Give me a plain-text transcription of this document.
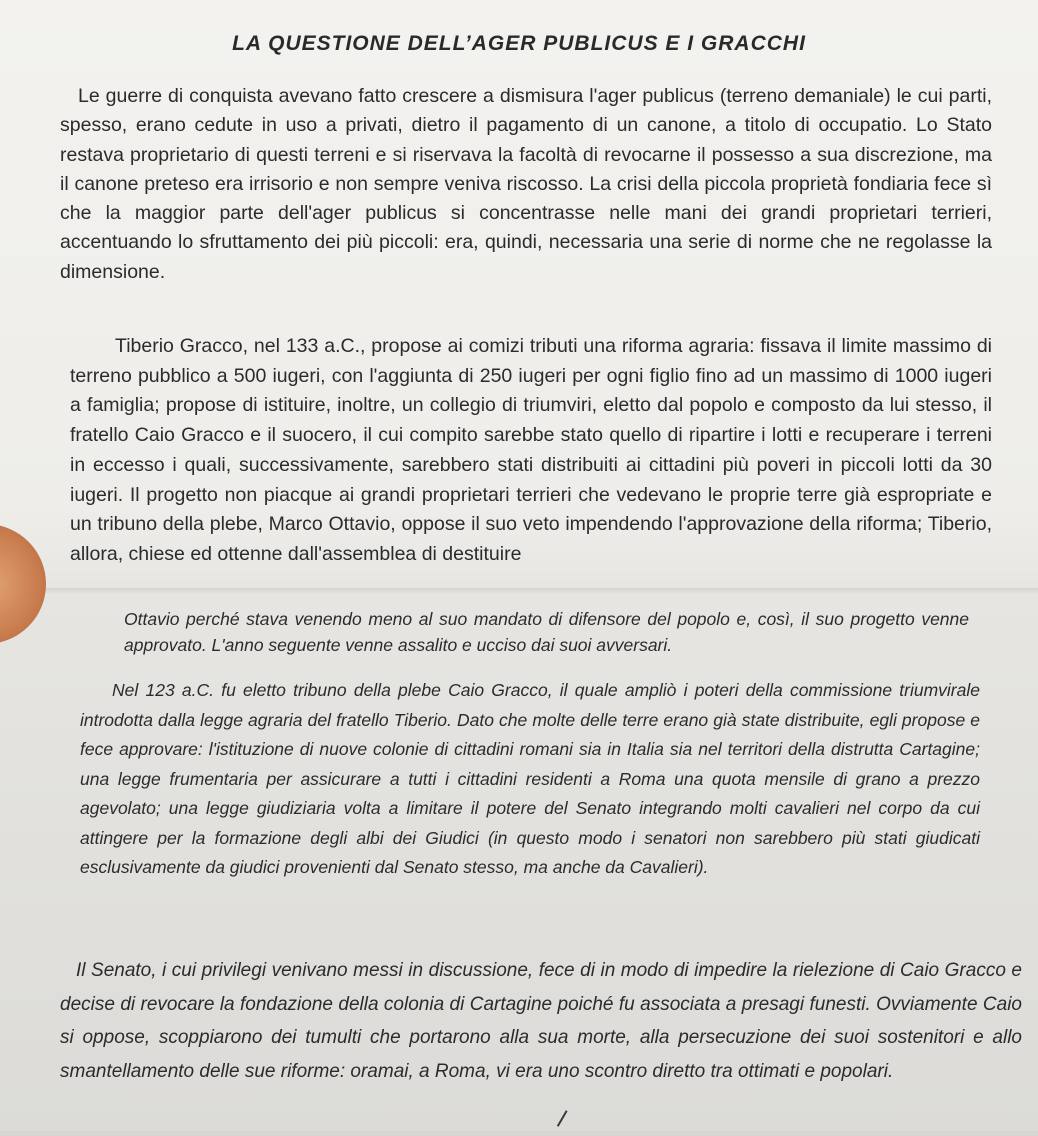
LA QUESTIONE DELL’AGER PUBLICUS E I GRACCHI

Le guerre di conquista avevano fatto crescere a dismisura l'ager publicus (terreno demaniale) le cui parti, spesso, erano cedute in uso a privati, dietro il pagamento di un canone, a titolo di occupatio. Lo Stato restava proprietario di questi terreni e si riservava la facoltà di revocarne il possesso a sua discrezione, ma il canone preteso era irrisorio e non sempre veniva riscosso. La crisi della piccola proprietà fondiaria fece sì che la maggior parte dell'ager publicus si concentrasse nelle mani dei grandi proprietari terrieri, accentuando lo sfruttamento dei più piccoli: era, quindi, necessaria una serie di norme che ne regolasse la dimensione.

Tiberio Gracco, nel 133 a.C., propose ai comizi tributi una riforma agraria: fissava il limite massimo di terreno pubblico a 500 iugeri, con l'aggiunta di 250 iugeri per ogni figlio fino ad un massimo di 1000 iugeri a famiglia; propose di istituire, inoltre, un collegio di triumviri, eletto dal popolo e composto da lui stesso, il fratello Caio Gracco e il suocero, il cui compito sarebbe stato quello di ripartire i lotti e recuperare i terreni in eccesso i quali, successivamente, sarebbero stati distribuiti ai cittadini più poveri in piccoli lotti da 30 iugeri. Il progetto non piacque ai grandi proprietari terrieri che vedevano le proprie terre già espropriate e un tribuno della plebe, Marco Ottavio, oppose il suo veto impendendo l'approvazione della riforma; Tiberio, allora, chiese ed ottenne dall'assemblea di destituire

Ottavio perché stava venendo meno al suo mandato di difensore del popolo e, così, il suo progetto venne approvato. L'anno seguente venne assalito e ucciso dai suoi avversari.

Nel 123 a.C. fu eletto tribuno della plebe Caio Gracco, il quale ampliò i poteri della commissione triumvirale introdotta dalla legge agraria del fratello Tiberio. Dato che molte delle terre erano già state distribuite, egli propose e fece approvare: l'istituzione di nuove colonie di cittadini romani sia in Italia sia nel territori della distrutta Cartagine; una legge frumentaria per assicurare a tutti i cittadini residenti a Roma una quota mensile di grano a prezzo agevolato; una legge giudiziaria volta a limitare il potere del Senato integrando molti cavalieri nel corpo da cui attingere per la formazione degli albi dei Giudici (in questo modo i senatori non sarebbero più stati giudicati esclusivamente da giudici provenienti dal Senato stesso, ma anche da Cavalieri).

Il Senato, i cui privilegi venivano messi in discussione, fece di in modo di impedire la rielezione di Caio Gracco e decise di revocare la fondazione della colonia di Cartagine poiché fu associata a presagi funesti. Ovviamente Caio si oppose, scoppiarono dei tumulti che portarono alla sua morte, alla persecuzione dei suoi sostenitori e allo smantellamento delle sue riforme: oramai, a Roma, vi era uno scontro diretto tra ottimati e popolari.
